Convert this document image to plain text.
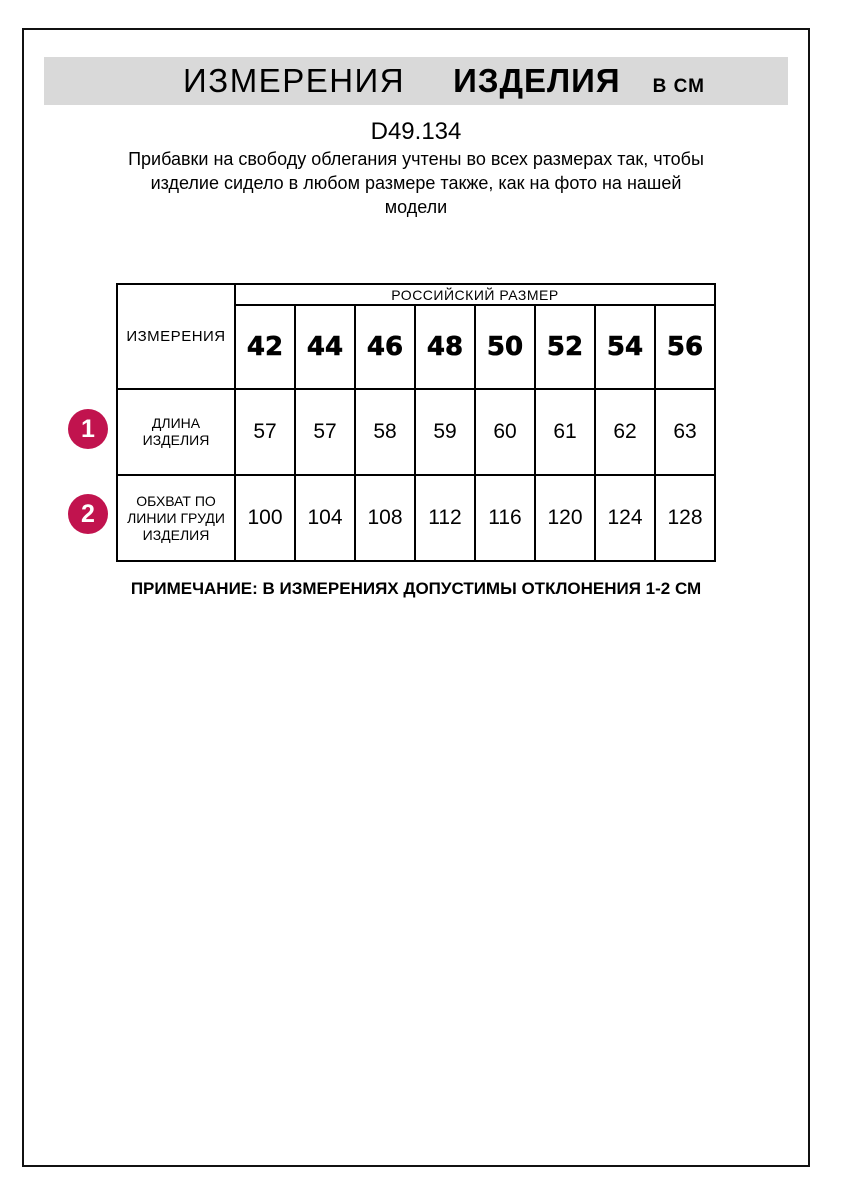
ИЗМЕРЕНИЯ ИЗДЕЛИЯ В СМ
D49.134
Прибавки на свободу облегания учтены во всех размерах так, чтобы
изделие сидело в любом размере также, как на фото на нашей
модели
1
2
ИЗМЕРЕНИЯ	РОССИЙСКИЙ РАЗМЕР							
	42	44	46	48	50	52	54	56
ДЛИНА ИЗДЕЛИЯ	57	57	58	59	60	61	62	63
ОБХВАТ ПО ЛИНИИ ГРУДИ ИЗДЕЛИЯ	100	104	108	112	116	120	124	128
ПРИМЕЧАНИЕ: В ИЗМЕРЕНИЯХ ДОПУСТИМЫ ОТКЛОНЕНИЯ 1-2 СМ
